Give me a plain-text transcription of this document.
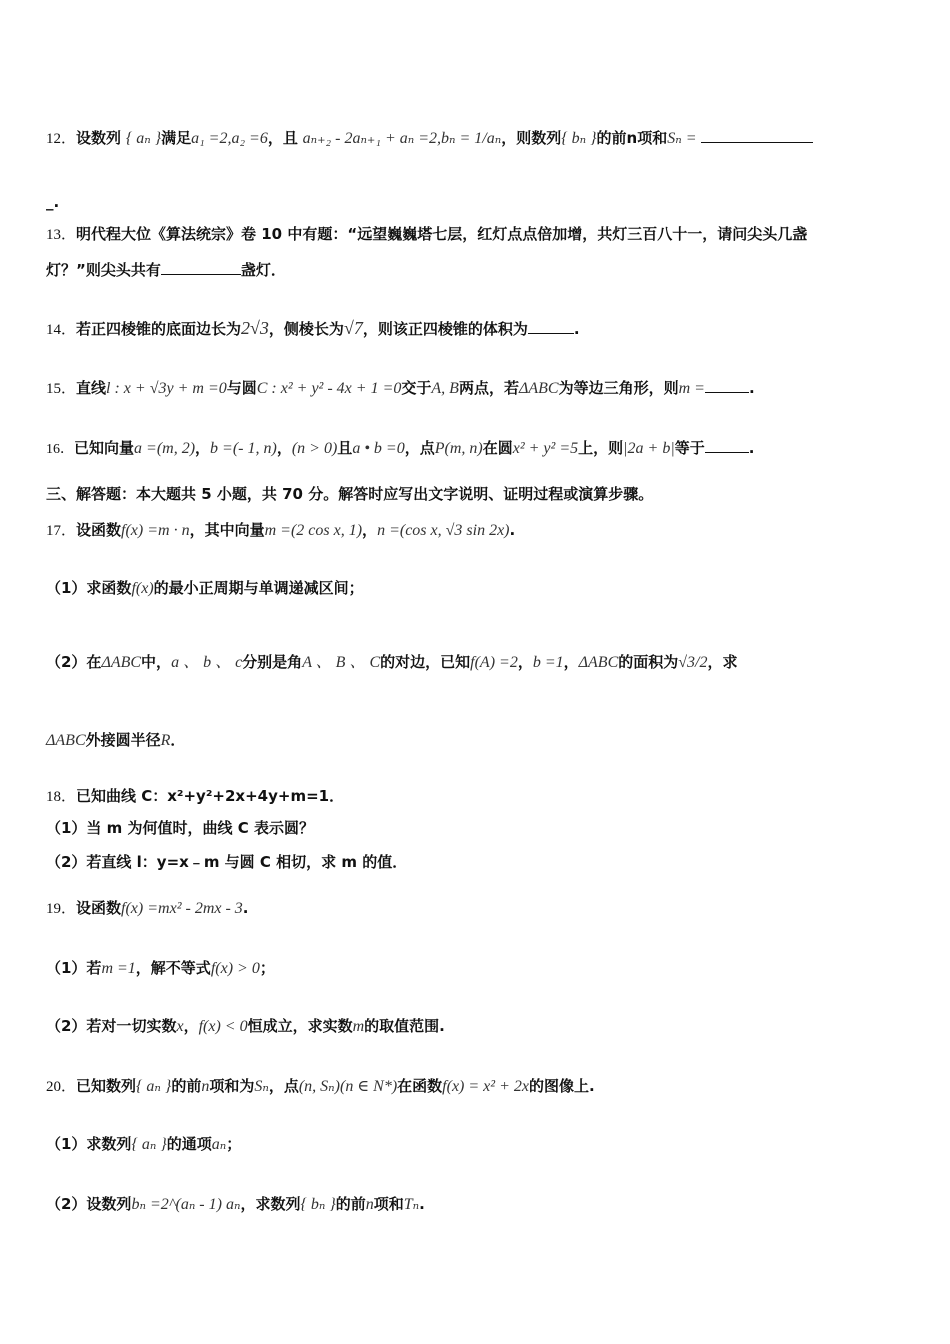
12．设数列 { aₙ }满足a₁ =2,a₂ =6，且 aₙ₊₂ - 2aₙ₊₁ + aₙ =2,bₙ = 1/aₙ，则数列{ bₙ }的前n项和Sₙ =
_.
13．明代程大位《算法统宗》卷 10 中有题：“远望巍巍塔七层，红灯点点倍加增，共灯三百八十一，请问尖头几盏
灯？”则尖头共有	盏灯．
14．若正四棱锥的底面边长为2√3，侧棱长为√7，则该正四棱锥的体积为	.
15．直线l : x + √3y + m =0与圆C : x² + y² - 4x + 1 =0交于A, B两点，若ΔABC为等边三角形，则m =	.
16．已知向量a =(m, 2)，b =(- 1, n)，(n > 0)且a • b =0，点P(m, n)在圆x² + y² =5上，则|2a + b|等于	.
三、解答题：本大题共 5 小题，共 70 分。解答时应写出文字说明、证明过程或演算步骤。
17．设函数f(x) =m · n，其中向量m =(2 cos x, 1)，n =(cos x, √3 sin 2x).
（1）求函数f(x)的最小正周期与单调递减区间；
（2）在ΔABC中，a 、 b 、 c分别是角A 、 B 、 C的对边，已知f(A) =2，b =1，ΔABC的面积为√3/2，求
ΔABC外接圆半径R．
18．已知曲线 C：x²+y²+2x+4y+m=1．
（1）当 m 为何值时，曲线 C 表示圆？
（2）若直线 l：y=x﹣m 与圆 C 相切，求 m 的值．
19．设函数f(x) =mx² - 2mx - 3.
（1）若m =1，解不等式f(x) > 0；
（2）若对一切实数x，f(x) < 0恒成立，求实数m的取值范围.
20．已知数列{ aₙ }的前n项和为Sₙ，点(n, Sₙ)(n ∈ N*)在函数f(x) = x² + 2x的图像上.
（1）求数列{ aₙ }的通项aₙ；
（2）设数列bₙ =2^(aₙ - 1) aₙ，求数列{ bₙ }的前n项和Tₙ.
